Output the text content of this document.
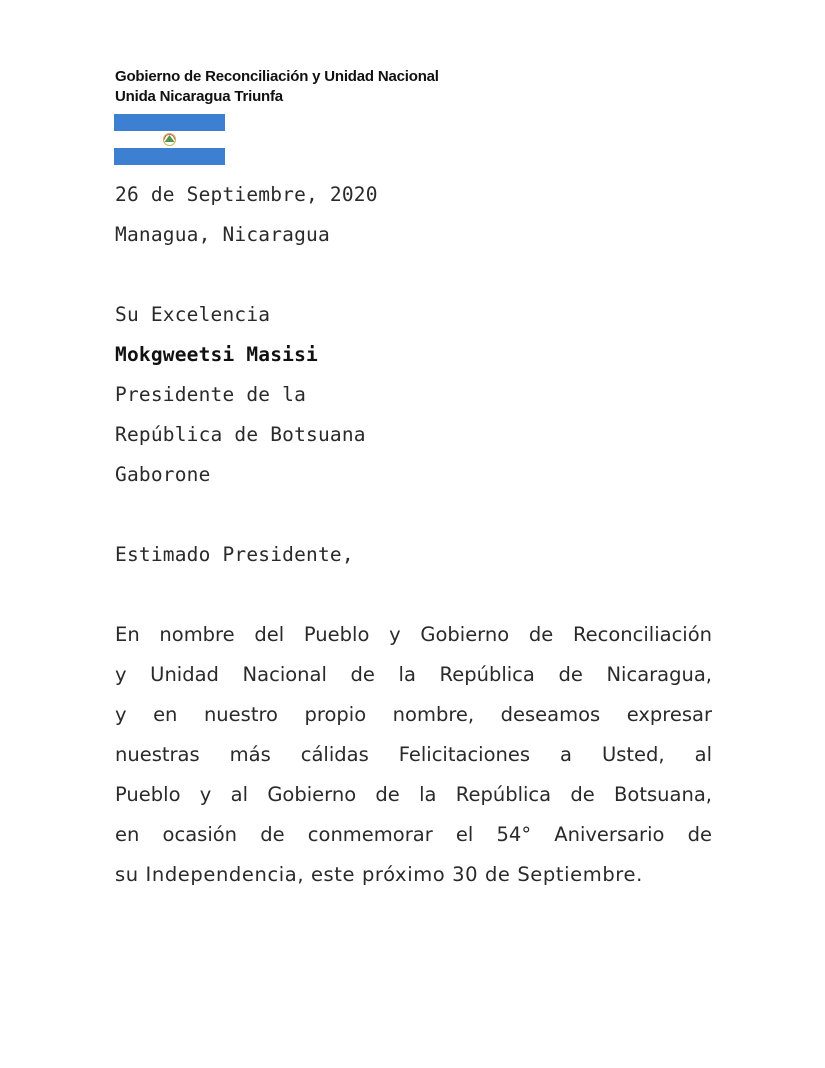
Gobierno de Reconciliación y Unidad Nacional
Unida Nicaragua Triunfa
26 de Septiembre, 2020
Managua, Nicaragua
Su Excelencia
Mokgweetsi Masisi
Presidente de la
República de Botsuana
Gaborone
Estimado Presidente,
En nombre del Pueblo y Gobierno de Reconciliación
y Unidad Nacional de la República de Nicaragua,
y en nuestro propio nombre, deseamos expresar
nuestras más cálidas Felicitaciones a Usted, al
Pueblo y al Gobierno de la República de Botsuana,
en ocasión de conmemorar el 54° Aniversario de
su Independencia, este próximo 30 de Septiembre.
